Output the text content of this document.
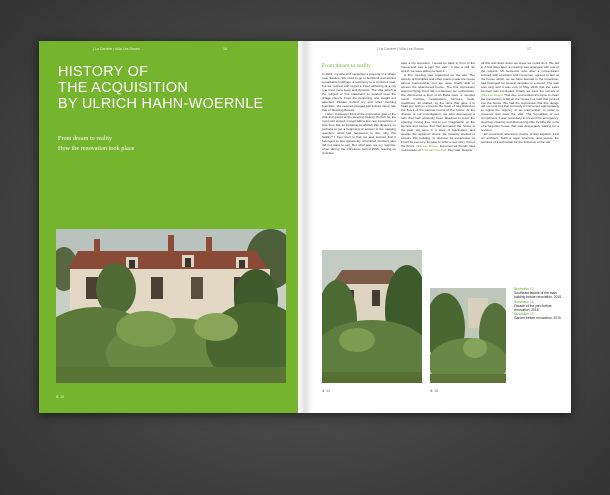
| La Carrère | Villa Les Roses	16
HISTORY OF
THE ACQUISITION
BY ULRICH HAHN-WOERNLE
From dream to reality
How the renovation took place
ill. 13
| La Carrère | Villa Les Roses	17
From dream to reality

In 2001, my wife and I acquired a property in a village near Saulieu. We used to go to Euribonil and admire remarkable buildings, a testimony to a centuries past, but we noticed with regret a silent withering of a city one once more lively and dynamic. The villa, which is the subject of this statement, is located near the village church. From the beginning, she caught our attention. Hidden behind ivy and other climbing brambles, she seemed plunged into a deep sleep, like that of Sleeping Beauty.

I often stopped in front of the impressive gate of the villa and gazed at the sleeping beauty. Perfect for the most part closed, except with a few rare exceptions, it was then like an invitation to abolish this distance, or perhaps to get a beginning of answer to the nagging question: what had happened to this, why this fatality? I then tried to find out and learned that it belonged to two apparently scrambled brothers who did not want to sell. But what was not my surprise, when during the Christmas period 2015, leaning on crutches

after a hip operation, I would go back in front of the house and saw a sign "for sale", it was a call, an arrest; we were willing to hear it.

A first meeting was organized on the site. The density of brambles and other plants made the house almost inaccessible, but we were finally able to access the abandoned house. The first impression was horrifying, but it did not dampen our enthusiasm. We discovered a kind of Ali Baba cave, a monster mess! Clothes, newspapers, furniture, beds, medicines, all soaked, by the rains that gave it to heart joy; with us a breeze the feast of rats dotted on the floors of the various rooms of the house. At the chance of our investigation, we also discovered a safe that had obviously been attacked to force the opening. Giving free rein to our imagination on the secrets and stories that had animated the house in the past, we were in a state of fascination, and despite the apparent chaos, we instantly wanted to acquire this building, to discover its experience, to invent its memory, its past, to write a new story, that of the future Villa Les Roses. Experienced friends tried to dissuade us "You can't do that" they said. Despite

all this and deep down we knew we could do it. We did it. A few days later, a meeting was arranged with one of the owners, Mr Semenov, who after a conversation imbued with emotions and memories, agreed to sell us the house which, as we have learned in the meantime, had belonged for several decades to a doctor. The wait was long and it was only in May 2016 that the sales contract was concluded. Finally we were the owners of Villa Les Roses. That day, a torrential rain came to clean the transaction, it fell on the house in a rush that poured into the house. We had the impression that this deluge did not end, but that curiously it intervened appropriately to signal the urgency of an intervention, in order to preserve and save the villa. The formalities of our compliment, it was necessary to prevent the emergency: cleaning, clearing and discovering little by little the ruins of a forgotten house that was desperately waiting for a revision.

All restoration attentions involve proper logistics. First an architect, build a legal structure, and secure the services of a technician for the follow-up of the site.

ill. 14	ill. 15
Illustration 13
Southeast facade of the main building before renovation, 2015.
Illustration 14
Facade of the yard before renovation, 2015.
Illustration 15
Garden before renovation, 2015.
